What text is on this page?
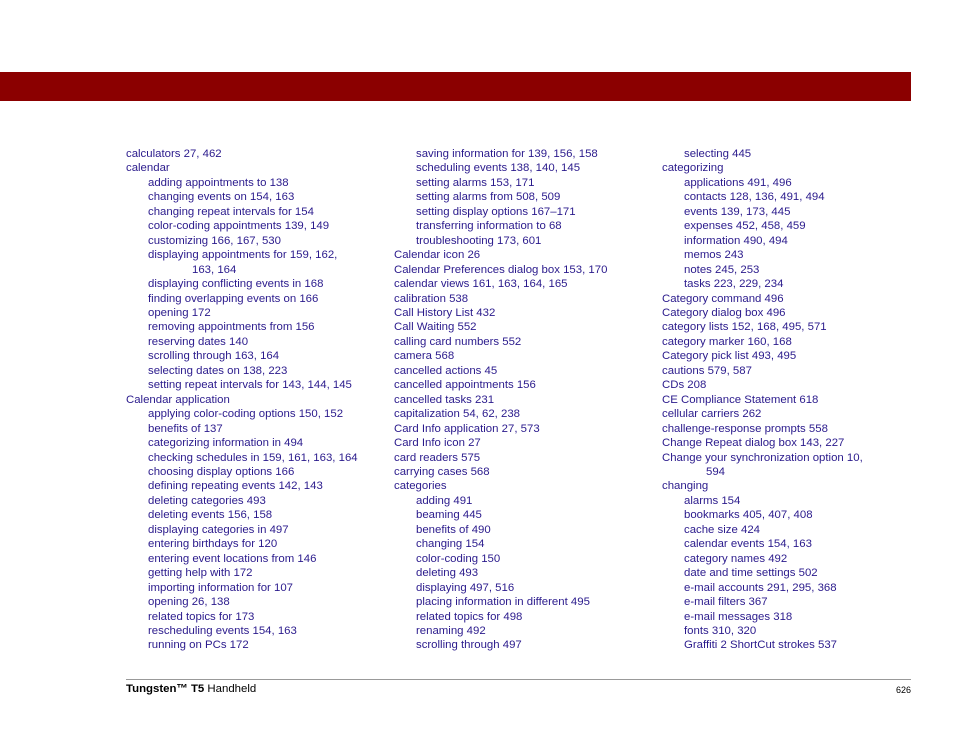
calculators 27, 462
calendar
adding appointments to 138
changing events on 154, 163
changing repeat intervals for 154
color-coding appointments 139, 149
customizing 166, 167, 530
displaying appointments for 159, 162,
163, 164
displaying conflicting events in 168
finding overlapping events on 166
opening 172
removing appointments from 156
reserving dates 140
scrolling through 163, 164
selecting dates on 138, 223
setting repeat intervals for 143, 144, 145
Calendar application
applying color-coding options 150, 152
benefits of 137
categorizing information in 494
checking schedules in 159, 161, 163, 164
choosing display options 166
defining repeating events 142, 143
deleting categories 493
deleting events 156, 158
displaying categories in 497
entering birthdays for 120
entering event locations from 146
getting help with 172
importing information for 107
opening 26, 138
related topics for 173
rescheduling events 154, 163
running on PCs 172
saving information for 139, 156, 158
scheduling events 138, 140, 145
setting alarms 153, 171
setting alarms from 508, 509
setting display options 167–171
transferring information to 68
troubleshooting 173, 601
Calendar icon 26
Calendar Preferences dialog box 153, 170
calendar views 161, 163, 164, 165
calibration 538
Call History List 432
Call Waiting 552
calling card numbers 552
camera 568
cancelled actions 45
cancelled appointments 156
cancelled tasks 231
capitalization 54, 62, 238
Card Info application 27, 573
Card Info icon 27
card readers 575
carrying cases 568
categories
adding 491
beaming 445
benefits of 490
changing 154
color-coding 150
deleting 493
displaying 497, 516
placing information in different 495
related topics for 498
renaming 492
scrolling through 497
selecting 445
categorizing
applications 491, 496
contacts 128, 136, 491, 494
events 139, 173, 445
expenses 452, 458, 459
information 490, 494
memos 243
notes 245, 253
tasks 223, 229, 234
Category command 496
Category dialog box 496
category lists 152, 168, 495, 571
category marker 160, 168
Category pick list 493, 495
cautions 579, 587
CDs 208
CE Compliance Statement 618
cellular carriers 262
challenge-response prompts 558
Change Repeat dialog box 143, 227
Change your synchronization option 10,
594
changing
alarms 154
bookmarks 405, 407, 408
cache size 424
calendar events 154, 163
category names 492
date and time settings 502
e-mail accounts 291, 295, 368
e-mail filters 367
e-mail messages 318
fonts 310, 320
Graffiti 2 ShortCut strokes 537
Tungsten™ T5 Handheld	626
